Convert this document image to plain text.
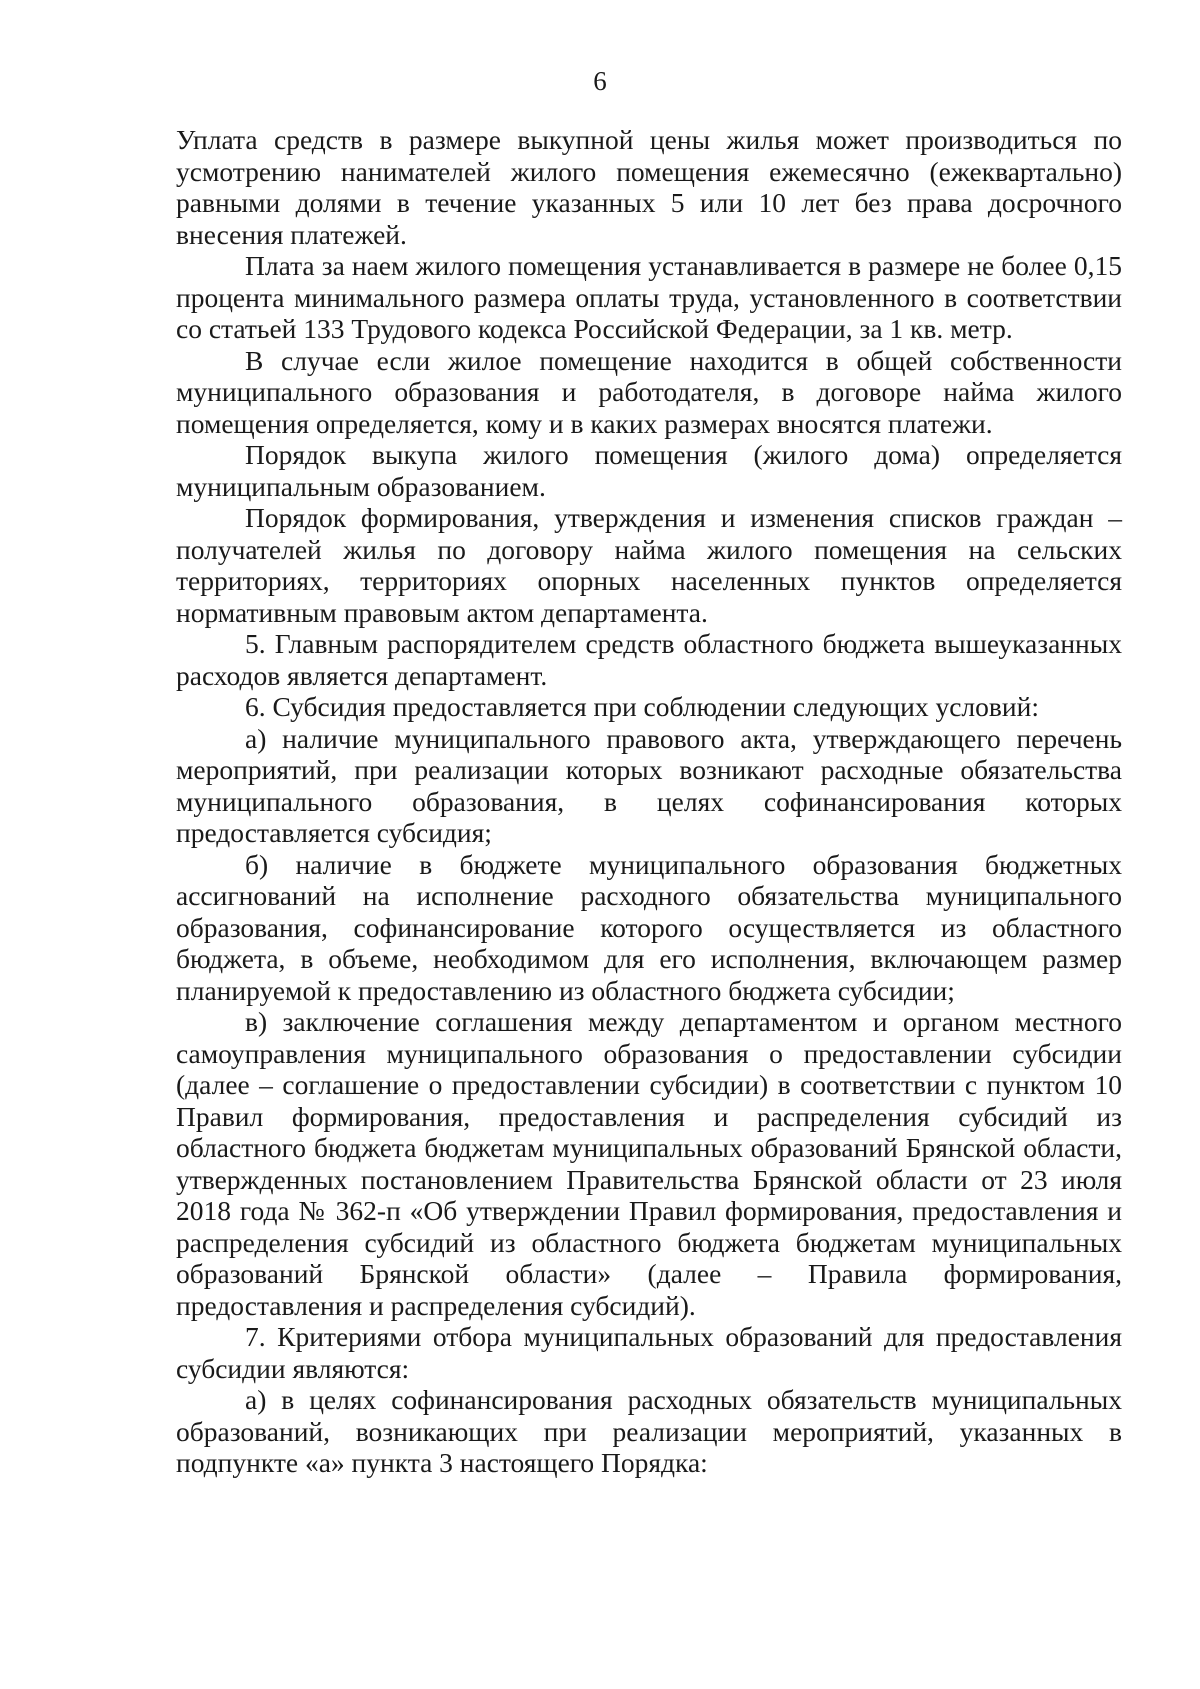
6

Уплата средств в размере выкупной цены жилья может производиться по усмотрению нанимателей жилого помещения ежемесячно (ежеквартально) равными долями в течение указанных 5 или 10 лет без права досрочного внесения платежей.

Плата за наем жилого помещения устанавливается в размере не более 0,15 процента минимального размера оплаты труда, установленного в соответствии со статьей 133 Трудового кодекса Российской Федерации, за 1 кв. метр.

В случае если жилое помещение находится в общей собственности муниципального образования и работодателя, в договоре найма жилого помещения определяется, кому и в каких размерах вносятся платежи.

Порядок выкупа жилого помещения (жилого дома) определяется муниципальным образованием.

Порядок формирования, утверждения и изменения списков граждан – получателей жилья по договору найма жилого помещения на сельских территориях, территориях опорных населенных пунктов определяется нормативным правовым актом департамента.

5. Главным распорядителем средств областного бюджета вышеуказанных расходов является департамент.

6. Субсидия предоставляется при соблюдении следующих условий:

а) наличие муниципального правового акта, утверждающего перечень мероприятий, при реализации которых возникают расходные обязательства муниципального образования, в целях софинансирования которых предоставляется субсидия;

б) наличие в бюджете муниципального образования бюджетных ассигнований на исполнение расходного обязательства муниципального образования, софинансирование которого осуществляется из областного бюджета, в объеме, необходимом для его исполнения, включающем размер планируемой к предоставлению из областного бюджета субсидии;

в) заключение соглашения между департаментом и органом местного самоуправления муниципального образования о предоставлении субсидии (далее – соглашение о предоставлении субсидии) в соответствии с пунктом 10 Правил формирования, предоставления и распределения субсидий из областного бюджета бюджетам муниципальных образований Брянской области, утвержденных постановлением Правительства Брянской области от 23 июля 2018 года № 362-п «Об утверждении Правил формирования, предоставления и распределения субсидий из областного бюджета бюджетам муниципальных образований Брянской области» (далее – Правила формирования, предоставления и распределения субсидий).

7. Критериями отбора муниципальных образований для предоставления субсидии являются:

а) в целях софинансирования расходных обязательств муниципальных образований, возникающих при реализации мероприятий, указанных в подпункте «а» пункта 3 настоящего Порядка:
